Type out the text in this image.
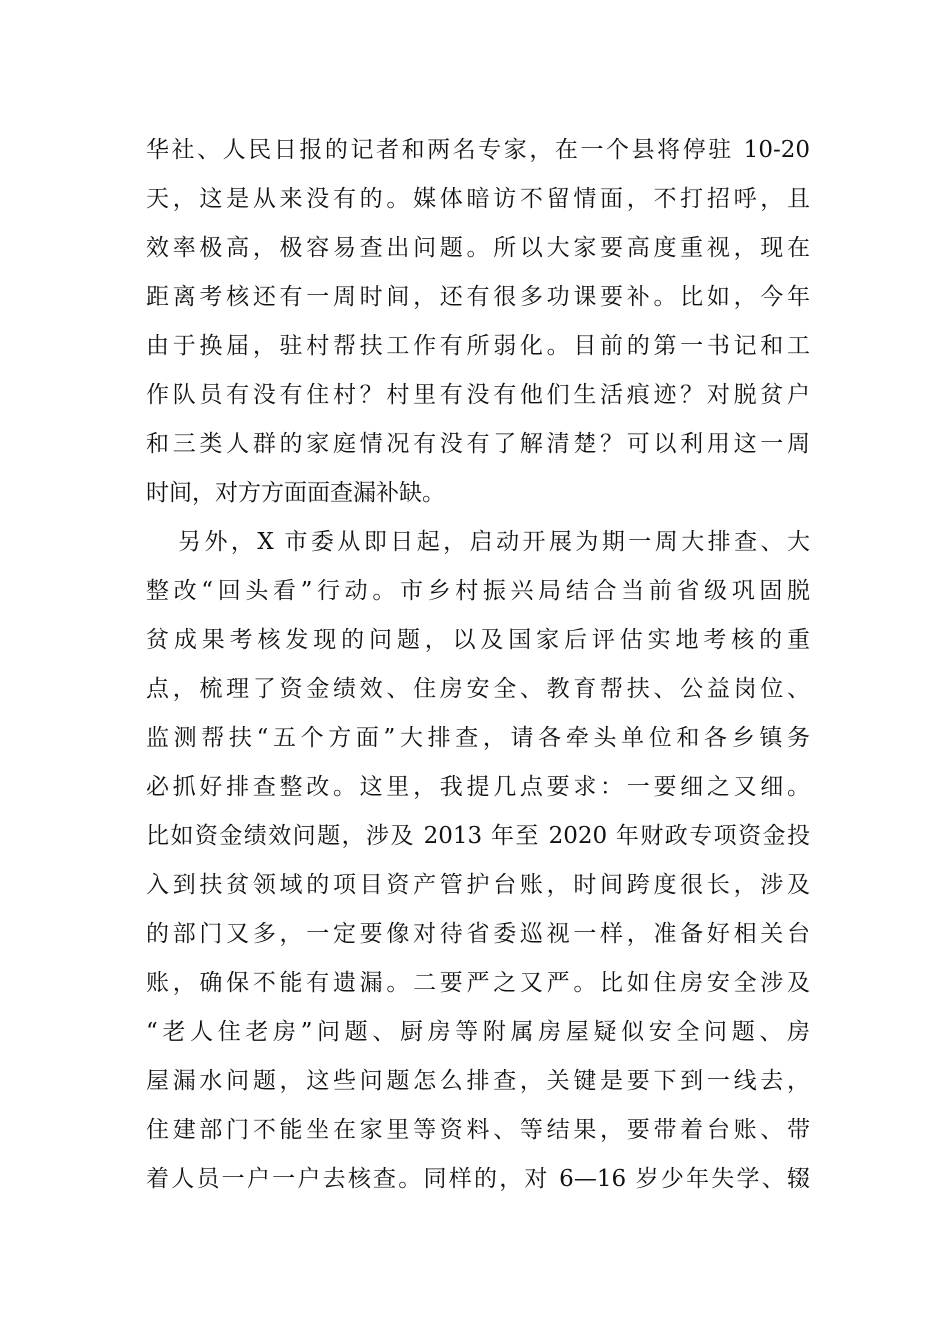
华社、人民日报的记者和两名专家，在一个县将停驻 10-20
天，这是从来没有的。媒体暗访不留情面，不打招呼，且
效率极高，极容易查出问题。所以大家要高度重视，现在
距离考核还有一周时间，还有很多功课要补。比如，今年
由于换届，驻村帮扶工作有所弱化。目前的第一书记和工
作队员有没有住村？村里有没有他们生活痕迹？对脱贫户
和三类人群的家庭情况有没有了解清楚？可以利用这一周
时间，对方方面面查漏补缺。
另外，X 市委从即日起，启动开展为期一周大排查、大
整改“回头看”行动。市乡村振兴局结合当前省级巩固脱
贫成果考核发现的问题，以及国家后评估实地考核的重
点，梳理了资金绩效、住房安全、教育帮扶、公益岗位、
监测帮扶“五个方面”大排查，请各牵头单位和各乡镇务
必抓好排查整改。这里，我提几点要求：一要细之又细。
比如资金绩效问题，涉及 2013 年至 2020 年财政专项资金投
入到扶贫领域的项目资产管护台账，时间跨度很长，涉及
的部门又多，一定要像对待省委巡视一样，准备好相关台
账，确保不能有遗漏。二要严之又严。比如住房安全涉及
“老人住老房”问题、厨房等附属房屋疑似安全问题、房
屋漏水问题，这些问题怎么排查，关键是要下到一线去，
住建部门不能坐在家里等资料、等结果，要带着台账、带
着人员一户一户去核查。同样的，对 6—16 岁少年失学、辍
